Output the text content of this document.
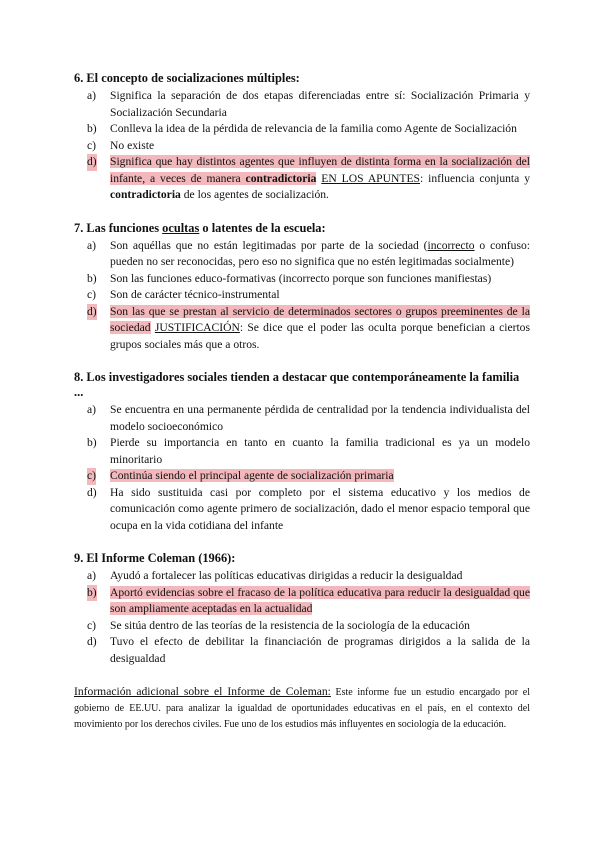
6. El concepto de socializaciones múltiples:
a) Significa la separación de dos etapas diferenciadas entre sí: Socialización Primaria y Socialización Secundaria
b) Conlleva la idea de la pérdida de relevancia de la familia como Agente de Socialización
c) No existe
d) Significa que hay distintos agentes que influyen de distinta forma en la socialización del infante, a veces de manera contradictoria EN LOS APUNTES: influencia conjunta y contradictoria de los agentes de socialización.
7. Las funciones ocultas o latentes de la escuela:
a) Son aquéllas que no están legitimadas por parte de la sociedad (incorrecto o confuso: pueden no ser reconocidas, pero eso no significa que no estén legitimadas socialmente)
b) Son las funciones educo-formativas (incorrecto porque son funciones manifiestas)
c) Son de carácter técnico-instrumental
d) Son las que se prestan al servicio de determinados sectores o grupos preeminentes de la sociedad JUSTIFICACIÓN: Se dice que el poder las oculta porque benefician a ciertos grupos sociales más que a otros.
8. Los investigadores sociales tienden a destacar que contemporáneamente la familia ...
a) Se encuentra en una permanente pérdida de centralidad por la tendencia individualista del modelo socioeconómico
b) Pierde su importancia en tanto en cuanto la familia tradicional es ya un modelo minoritario
c) Continúa siendo el principal agente de socialización primaria
d) Ha sido sustituida casi por completo por el sistema educativo y los medios de comunicación como agente primero de socialización, dado el menor espacio temporal que ocupa en la vida cotidiana del infante
9. El Informe Coleman (1966):
a) Ayudó a fortalecer las políticas educativas dirigidas a reducir la desigualdad
b) Aportó evidencias sobre el fracaso de la política educativa para reducir la desigualdad que son ampliamente aceptadas en la actualidad
c) Se sitúa dentro de las teorías de la resistencia de la sociología de la educación
d) Tuvo el efecto de debilitar la financiación de programas dirigidos a la salida de la desigualdad
Información adicional sobre el Informe de Coleman: Este informe fue un estudio encargado por el gobierno de EE.UU. para analizar la igualdad de oportunidades educativas en el país, en el contexto del movimiento por los derechos civiles. Fue uno de los estudios más influyentes en sociología de la educación.
